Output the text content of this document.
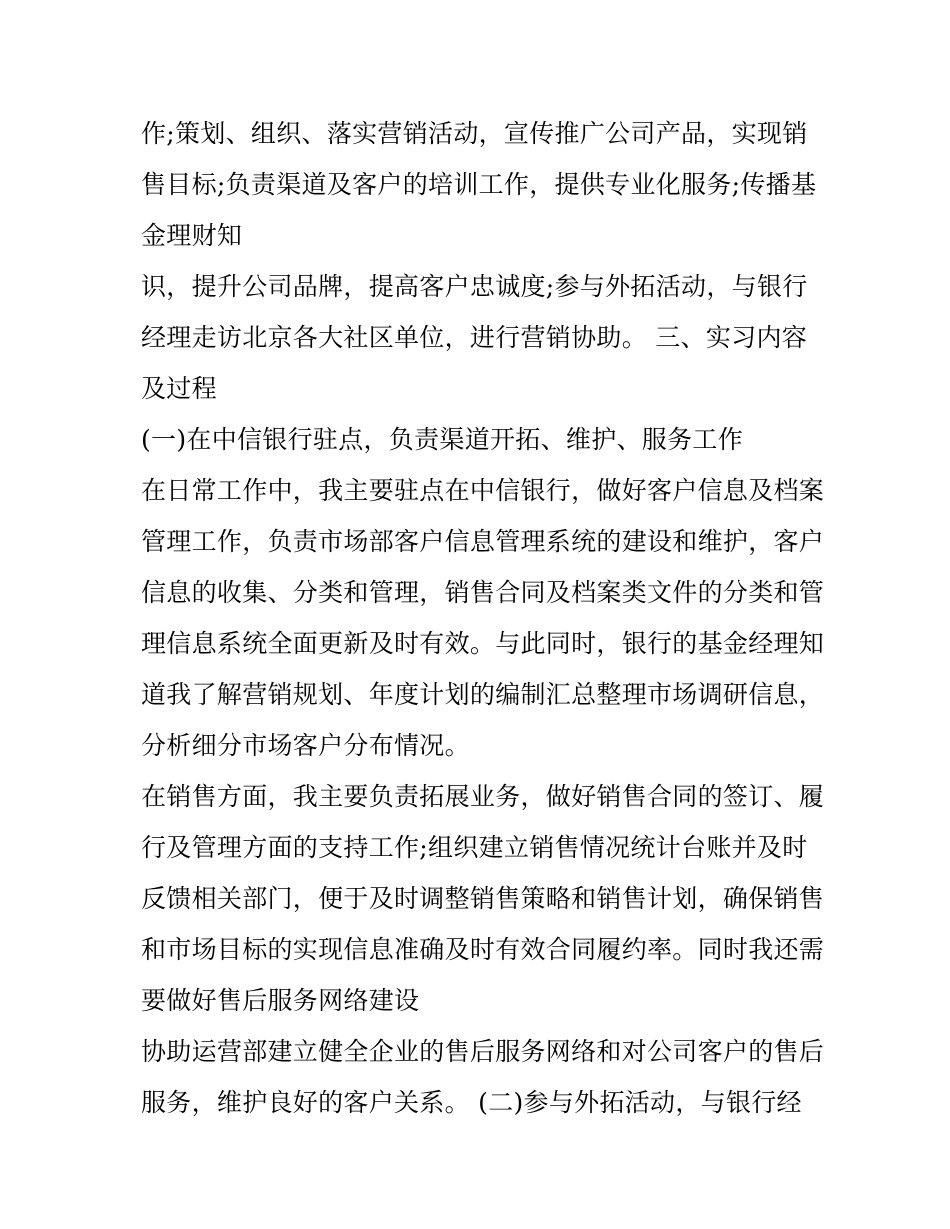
作;策划、组织、落实营销活动，宣传推广公司产品，实现销
售目标;负责渠道及客户的培训工作，提供专业化服务;传播基
金理财知
识，提升公司品牌，提高客户忠诚度;参与外拓活动，与银行
经理走访北京各大社区单位，进行营销协助。 三、实习内容
及过程
(一)在中信银行驻点，负责渠道开拓、维护、服务工作
在日常工作中，我主要驻点在中信银行，做好客户信息及档案
管理工作，负责市场部客户信息管理系统的建设和维护，客户
信息的收集、分类和管理，销售合同及档案类文件的分类和管
理信息系统全面更新及时有效。与此同时，银行的基金经理知
道我了解营销规划、年度计划的编制汇总整理市场调研信息，
分析细分市场客户分布情况。
在销售方面，我主要负责拓展业务，做好销售合同的签订、履
行及管理方面的支持工作;组织建立销售情况统计台账并及时
反馈相关部门，便于及时调整销售策略和销售计划，确保销售
和市场目标的实现信息准确及时有效合同履约率。同时我还需
要做好售后服务网络建设
协助运营部建立健全企业的售后服务网络和对公司客户的售后
服务，维护良好的客户关系。 (二)参与外拓活动，与银行经
